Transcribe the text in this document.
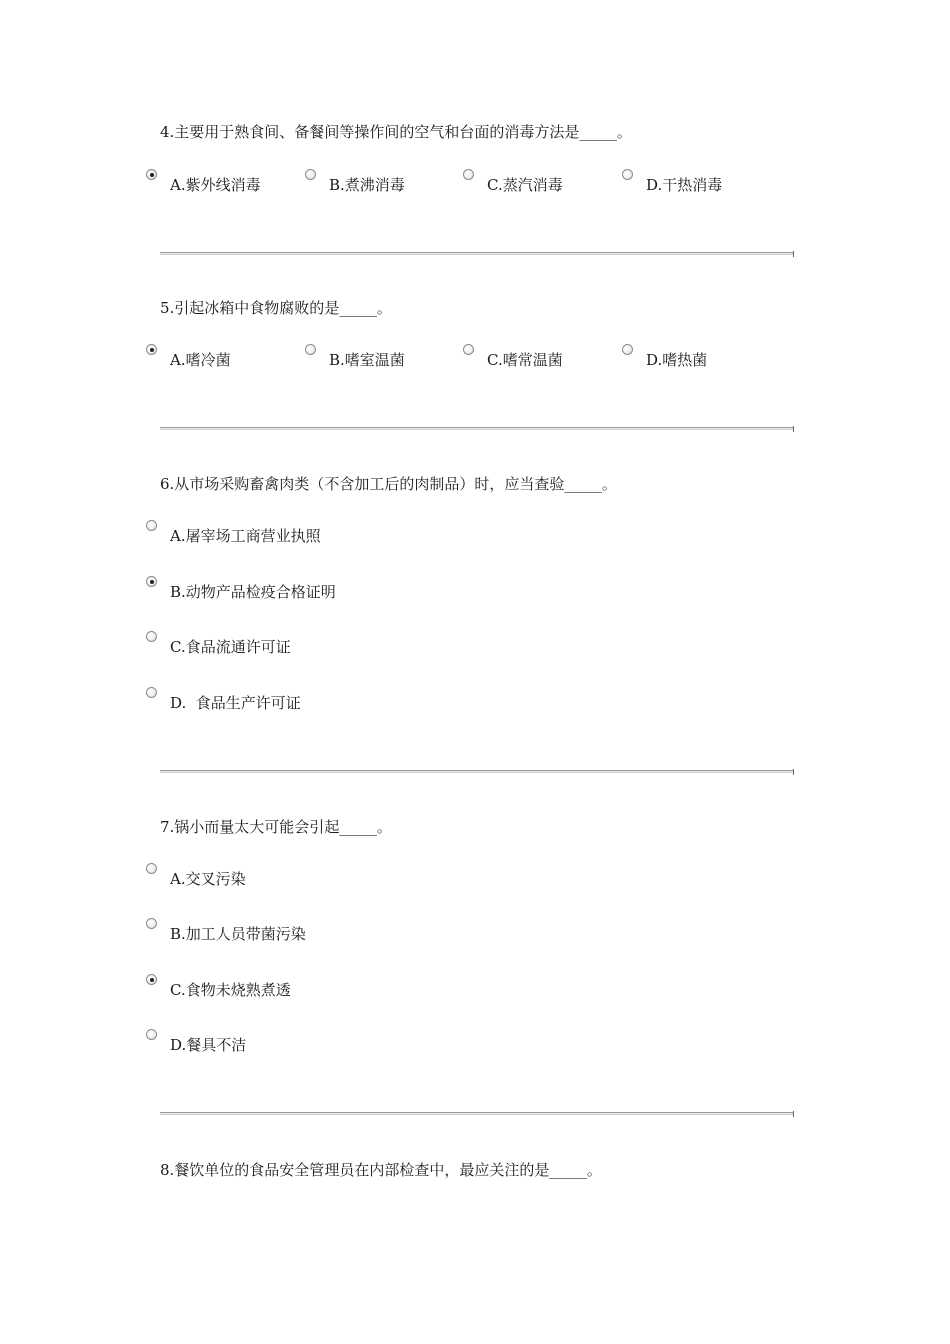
4.主要用于熟食间、备餐间等操作间的空气和台面的消毒方法是_____。
A.紫外线消毒	B.煮沸消毒	C.蒸汽消毒	D.干热消毒
5.引起冰箱中食物腐败的是_____。
A.嗜冷菌	B.嗜室温菌	C.嗜常温菌	D.嗜热菌
6.从市场采购畜禽肉类（不含加工后的肉制品）时，应当查验_____。
A.屠宰场工商营业执照
B.动物产品检疫合格证明
C.食品流通许可证
D.  食品生产许可证
7.锅小而量太大可能会引起_____。
A.交叉污染
B.加工人员带菌污染
C.食物未烧熟煮透
D.餐具不洁
8.餐饮单位的食品安全管理员在内部检查中，最应关注的是_____。
